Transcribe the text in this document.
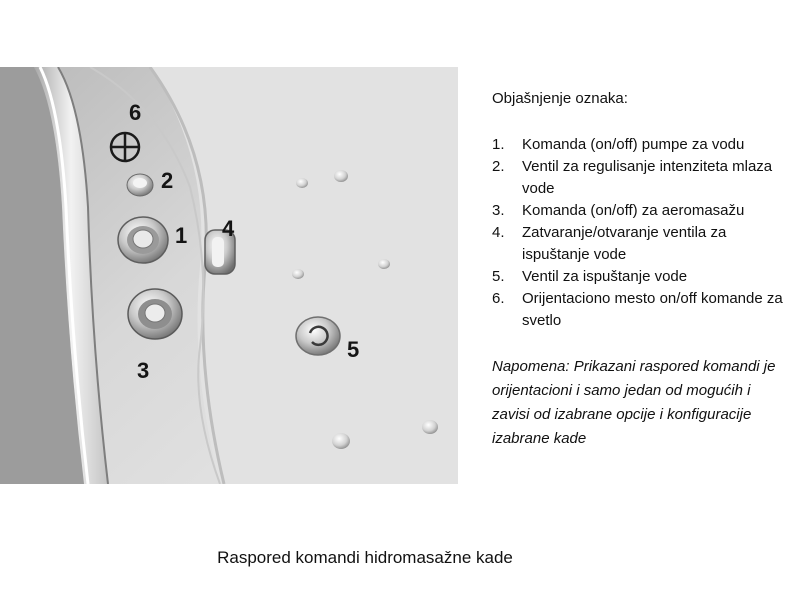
6
2
1 4
3
5
Objašnjenje oznaka:
1. Komanda (on/off) pumpe za vodu
2. Ventil za regulisanje intenziteta mlaza vode
3. Komanda (on/off) za aeromasažu
4. Zatvaranje/otvaranje ventila za ispuštanje vode
5. Ventil za ispuštanje vode
6. Orijentaciono mesto on/off komande za svetlo
Napomena: Prikazani raspored komandi je orijentacioni i samo jedan od mogućih i zavisi od izabrane opcije i konfiguracije izabrane kade
Raspored komandi hidromasažne kade
